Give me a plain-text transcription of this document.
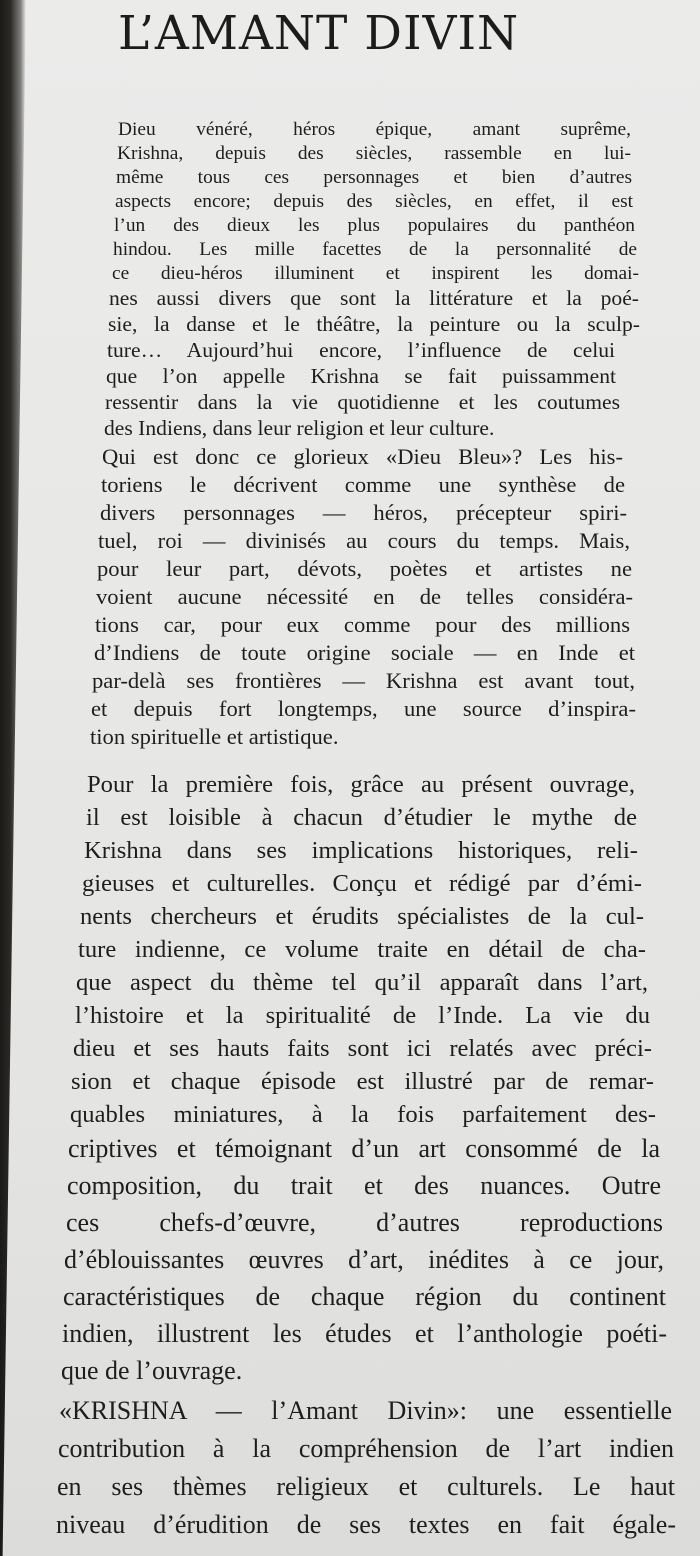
L’AMANT DIVIN

Dieu vénéré, héros épique, amant suprême,

Krishna, depuis des siècles, rassemble en lui-

même tous ces personnages et bien d’autres

aspects encore; depuis des siècles, en effet, il est

l’un des dieux les plus populaires du panthéon

hindou. Les mille facettes de la personnalité de

ce dieu-héros illuminent et inspirent les domai-

nes aussi divers que sont la littérature et la poé-

sie, la danse et le théâtre, la peinture ou la sculp-

ture… Aujourd’hui encore, l’influence de celui

que l’on appelle Krishna se fait puissamment

ressentir dans la vie quotidienne et les coutumes

des Indiens, dans leur religion et leur culture.

Qui est donc ce glorieux «Dieu Bleu»? Les his-

toriens le décrivent comme une synthèse de

divers personnages — héros, précepteur spiri-

tuel, roi — divinisés au cours du temps. Mais,

pour leur part, dévots, poètes et artistes ne

voient aucune nécessité en de telles considéra-

tions car, pour eux comme pour des millions

d’Indiens de toute origine sociale — en Inde et

par-delà ses frontières — Krishna est avant tout,

et depuis fort longtemps, une source d’inspira-

tion spirituelle et artistique.

Pour la première fois, grâce au présent ouvrage,

il est loisible à chacun d’étudier le mythe de

Krishna dans ses implications historiques, reli-

gieuses et culturelles. Conçu et rédigé par d’émi-

nents chercheurs et érudits spécialistes de la cul-

ture indienne, ce volume traite en détail de cha-

que aspect du thème tel qu’il apparaît dans l’art,

l’histoire et la spiritualité de l’Inde. La vie du

dieu et ses hauts faits sont ici relatés avec préci-

sion et chaque épisode est illustré par de remar-

quables miniatures, à la fois parfaitement des-

criptives et témoignant d’un art consommé de la

composition, du trait et des nuances. Outre

ces chefs-d’œuvre, d’autres reproductions

d’éblouissantes œuvres d’art, inédites à ce jour,

caractéristiques de chaque région du continent

indien, illustrent les études et l’anthologie poéti-

que de l’ouvrage.

«KRISHNA — l’Amant Divin»: une essentielle

contribution à la compréhension de l’art indien

en ses thèmes religieux et culturels. Le haut

niveau d’érudition de ses textes en fait égale-
